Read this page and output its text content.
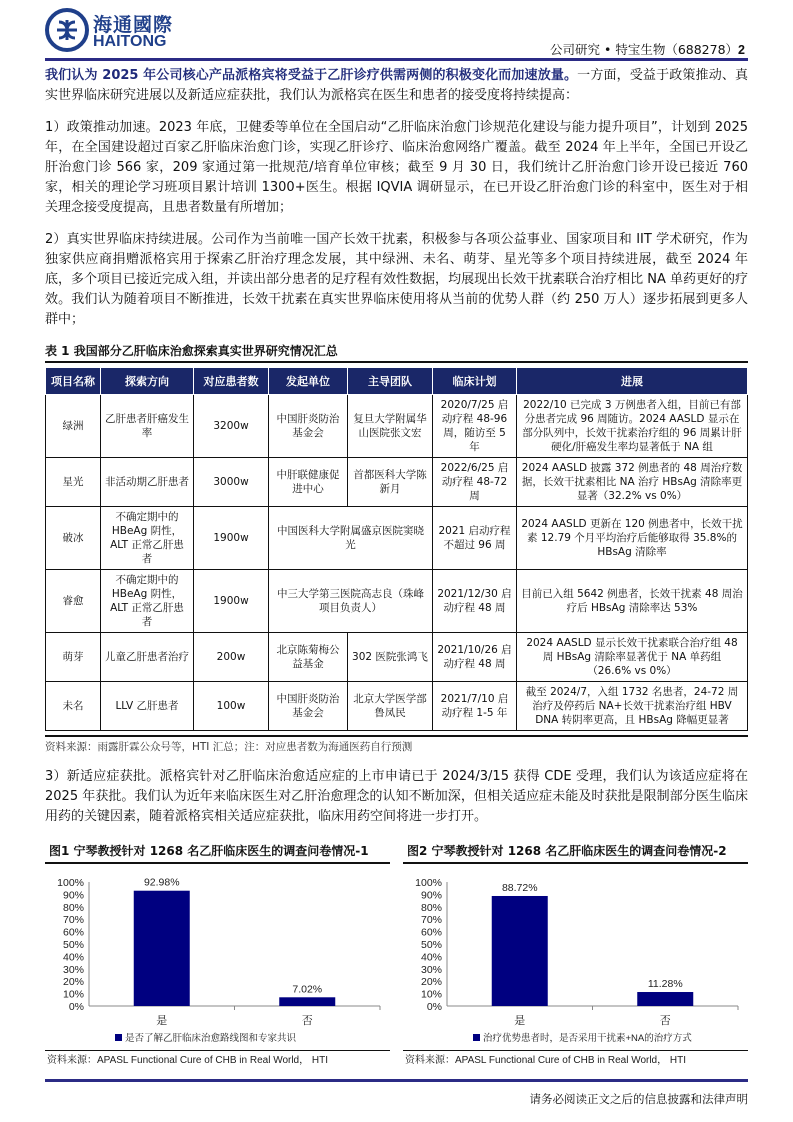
海通國際
HAITONG	公司研究 • 特宝生物（688278）2
我们认为 2025 年公司核心产品派格宾将受益于乙肝诊疗供需两侧的积极变化而加速放量。一方面，受益于政策推动、真实世界临床研究进展以及新适应症获批，我们认为派格宾在医生和患者的接受度将持续提高：
1）政策推动加速。2023 年底，卫健委等单位在全国启动“乙肝临床治愈门诊规范化建设与能力提升项目”，计划到 2025 年，在全国建设超过百家乙肝临床治愈门诊，实现乙肝诊疗、临床治愈网络广覆盖。截至 2024 年上半年，全国已开设乙肝治愈门诊 566 家，209 家通过第一批规范/培育单位审核；截至 9 月 30 日，我们统计乙肝治愈门诊开设已接近 760 家，相关的理论学习班项目累计培训 1300+医生。根据 IQVIA 调研显示，在已开设乙肝治愈门诊的科室中，医生对于相关理念接受度提高，且患者数量有所增加；
2）真实世界临床持续进展。公司作为当前唯一国产长效干扰素，积极参与各项公益事业、国家项目和 IIT 学术研究，作为独家供应商捐赠派格宾用于探索乙肝治疗理念发展，其中绿洲、未名、萌芽、星光等多个项目持续进展，截至 2024 年底，多个项目已接近完成入组，并读出部分患者的足疗程有效性数据，均展现出长效干扰素联合治疗相比 NA 单药更好的疗效。我们认为随着项目不断推进，长效干扰素在真实世界临床使用将从当前的优势人群（约 250 万人）逐步拓展到更多人群中；
表 1 我国部分乙肝临床治愈探索真实世界研究情况汇总
项目名称	探索方向	对应患者数	发起单位	主导团队	临床计划	进展
绿洲	乙肝患者肝癌发生率	3200w	中国肝炎防治基金会	复旦大学附属华山医院张文宏	2020/7/25 启动疗程 48-96 周，随访至 5 年	2022/10 已完成 3 万例患者入组，目前已有部分患者完成 96 周随访。2024 AASLD 显示在部分队列中，长效干扰素治疗组的 96 周累计肝硬化/肝癌发生率均显著低于 NA 组
星光	非活动期乙肝患者	3000w	中肝联健康促进中心	首都医科大学陈新月	2022/6/25 启动疗程 48-72 周	2024 AASLD 披露 372 例患者的 48 周治疗数据，长效干扰素相比 NA 治疗 HBsAg 清除率更显著（32.2% vs 0%）
破冰	不确定期中的 HBeAg 阴性，ALT 正常乙肝患者	1900w	中国医科大学附属盛京医院窦晓光		2021 启动疗程不超过 96 周	2024 AASLD 更新在 120 例患者中，长效干扰素 12.79 个月平均治疗后能够取得 35.8%的 HBsAg 清除率
睿愈	不确定期中的 HBeAg 阴性，ALT 正常乙肝患者	1900w	中三大学第三医院高志良（珠峰项目负责人）		2021/12/30 启动疗程 48 周	目前已入组 5642 例患者，长效干扰素 48 周治疗后 HBsAg 清除率达 53%
萌芽	儿童乙肝患者治疗	200w	北京陈菊梅公益基金	302 医院张鸿飞	2021/10/26 启动疗程 48 周	2024 AASLD 显示长效干扰素联合治疗组 48 周 HBsAg 清除率显著优于 NA 单药组（26.6% vs 0%）
未名	LLV 乙肝患者	100w	中国肝炎防治基金会	北京大学医学部鲁凤民	2021/7/10 启动疗程 1-5 年	截至 2024/7，入组 1732 名患者，24-72 周治疗及停药后 NA+长效干扰素治疗组 HBV DNA 转阴率更高，且 HBsAg 降幅更显著
资料来源：雨露肝霖公众号等，HTI 汇总；注：对应患者数为海通医药自行预测
3）新适应症获批。派格宾针对乙肝临床治愈适应症的上市申请已于 2024/3/15 获得 CDE 受理，我们认为该适应症将在 2025 年获批。我们认为近年来临床医生对乙肝治愈理念的认知不断加深，但相关适应症未能及时获批是限制部分医生临床用药的关键因素，随着派格宾相关适应症获批，临床用药空间将进一步打开。
图1 宁琴教授针对 1268 名乙肝临床医生的调查问卷情况-1
0%
10%
20%
30%
40%
50%
60%
70%
80%
90%
100%	92.98%
是
7.02%
否
是否了解乙肝临床治愈路线图和专家共识
资料来源：APASL Functional Cure of CHB in Real World， HTI
图2 宁琴教授针对 1268 名乙肝临床医生的调查问卷情况-2
0%
10%
20%
30%
40%
50%
60%
70%
80%
90%
100%	88.72%
是
11.28%
否
治疗优势患者时，是否采用干扰素+NA的治疗方式
资料来源：APASL Functional Cure of CHB in Real World， HTI
请务必阅读正文之后的信息披露和法律声明
